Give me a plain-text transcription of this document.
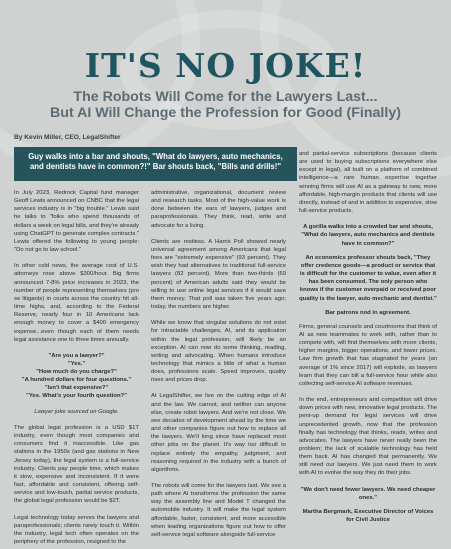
IT'S NO JOKE!
The Robots Will Come for the Lawyers Last...
But AI Will Change the Profession for Good (Finally)
By Kevin Miller, CEO, LegalShifter
Guy walks into a bar and shouts, "What do lawyers, auto mechanics, and dentists have in common?!" Bar shouts back, "Bills and drills!"

In July 2023, Redrock Capital fund manager Geoff Lewis announced on CNBC that the legal services industry is in "big trouble." Lewis said he talks to "folks who spend thousands of dollars a week on legal bills, and they're already using ChatGPT to generate complex contracts." Lewis offered the following to young people: "Do not go to law school."

In other cold news, the average cost of U.S. attorneys rose above $300/hour. Big firms announced 7-8% price increases in 2023, the number of people representing themselves (pro se litigants) in courts across the country hit all-time highs, and, according to the Federal Reserve, nearly four in 10 Americans lack enough money to cover a $400 emergency expense...even though each of them needs legal assistance one to three times annually.

"Are you a lawyer?"
"Yes."
"How much do you charge?"
"A hundred dollars for four questions."
"Isn't that expensive?"
"Yes. What's your fourth question?"
Lawyer joke sourced on Google.

The global legal profession is a USD $1T industry, even though most companies and consumers find it inaccessible. Like gas stations in the 1950s (and gas stations in New Jersey today), the legal system is a full-service industry. Clients pay people time, which makes it slow, expensive and inconsistent. If it were fast, affordable and consistent, offering self-service and low-touch, partial service products, the global legal profession would be $2T.

Legal technology today serves the lawyers and paraprofessionals; clients rarely touch it. Within the industry, legal tech often operates on the periphery of the profession, resigned to the

administrative, organizational, document review and research tasks. Most of the high-value work is done between the ears of lawyers, judges and paraprofessionals. They think, read, write and advocate for a living.

Clients are restless. A Harris Poll showed nearly universal agreement among Americans that legal fees are "extremely expensive" (93 percent). They wish they had alternatives to traditional full-service lawyers (82 percent). More than two-thirds (69 percent) of American adults said they would be willing to use online legal services if it would save them money. That poll was taken five years ago; today, the numbers are higher.

While we know that singular solutions do not exist for intractable challenges, AI, and its application within the legal profession, will likely be an exception. AI can now do some thinking, reading, writing and advocating. When humans introduce technology that mimics a little of what a human does, professions scale. Speed improves, quality rises and prices drop.

At LegalShifter, we live on the cutting edge of AI and the law. We cannot, and neither can anyone else, create robot lawyers. And we're not close. We see decades of development ahead by the time we and other companies figure out how to replace all the lawyers. We'll long since have replaced most other jobs on the planet. It's way too difficult to replace entirely the empathy, judgment, and reasoning required in the industry with a bunch of algorithms.

The robots will come for the lawyers last. We see a path where AI transforms the profession the same way the assembly line and Model T changed the automobile industry. It will make the legal system affordable, faster, consistent, and more accessible when leading organizations figure out how to offer self-service legal software alongside full-service

and partial-service subscriptions (because clients are used to buying subscriptions everywhere else except in legal), all built on a platform of combined intelligence—a rare human expertise together winning firms will use AI as a gateway to new, more affordable, high-margin products that clients will use directly, instead of and in addition to expensive, slow full-service products.

A gorilla walks into a crowded bar and shouts, "What do lawyers, auto mechanics and dentists have in common?"
An economics professor shouts back, "They offer credence goods—a product or service that is difficult for the customer to value, even after it has been consumed. The only person who knows if the customer overpaid or received poor quality is the lawyer, auto mechanic and dentist."
Bar patrons nod in agreement.

Firms, general counsels and courtrooms that think of AI as new teammates to work with, rather than to compete with, will find themselves with more clients, higher margins, bigger operations, and lower prices. Law firm growth that has stagnated for years (an average of 1% since 2017) will explode, as lawyers learn that they can bill a full-service hour while also collecting self-service AI software revenues.

In the end, entrepreneurs and competition will drive down prices with new, innovative legal products. The pent-up demand for legal services will drive unprecedented growth, now that the profession finally has technology that thinks, reads, writes and advocates. The lawyers have never really been the problem; the lack of scalable technology has held them back. AI has changed that permanently. We still need our lawyers. We just need them to work with AI to evolve the way they do their jobs.

"We don't need fewer lawyers. We need cheaper ones."
Martha Bergmark, Executive Director of Voices for Civil Justice
